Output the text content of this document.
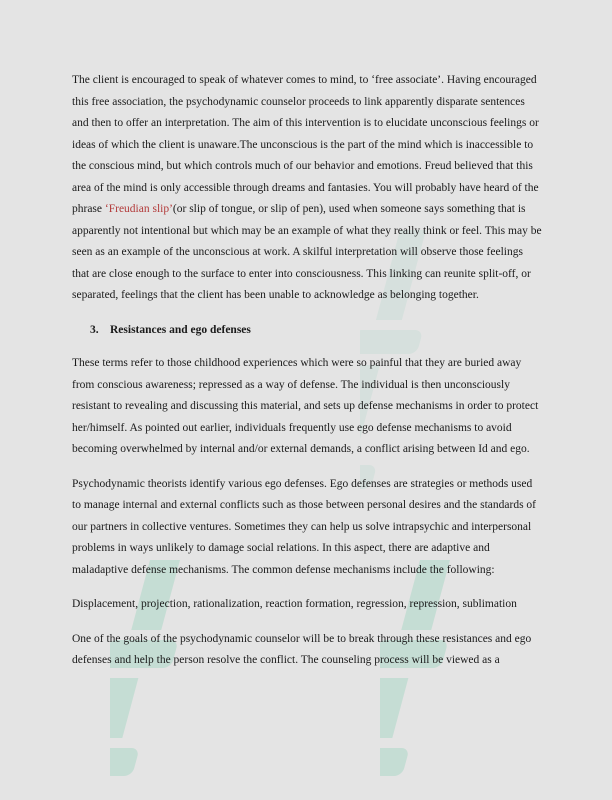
The client is encouraged to speak of whatever comes to mind, to ‘free associate’. Having encouraged this free association, the psychodynamic counselor proceeds to link apparently disparate sentences and then to offer an interpretation. The aim of this intervention is to elucidate unconscious feelings or ideas of which the client is unaware.The unconscious is the part of the mind which is inaccessible to the conscious mind, but which controls much of our behavior and emotions. Freud believed that this area of the mind is only accessible through dreams and fantasies. You will probably have heard of the phrase ‘Freudian slip’(or slip of tongue, or slip of pen), used when someone says something that is apparently not intentional but which may be an example of what they really think or feel. This may be seen as an example of the unconscious at work. A skilful interpretation will observe those feelings that are close enough to the surface to enter into consciousness. This linking can reunite split-off, or separated, feelings that the client has been unable to acknowledge as belonging together.

3. Resistances and ego defenses

These terms refer to those childhood experiences which were so painful that they are buried away from conscious awareness; repressed as a way of defense. The individual is then unconsciously resistant to revealing and discussing this material, and sets up defense mechanisms in order to protect her/himself. As pointed out earlier, individuals frequently use ego defense mechanisms to avoid becoming overwhelmed by internal and/or external demands, a conflict arising between Id and ego.

Psychodynamic theorists identify various ego defenses. Ego defenses are strategies or methods used to manage internal and external conflicts such as those between personal desires and the standards of our partners in collective ventures. Sometimes they can help us solve intrapsychic and interpersonal problems in ways unlikely to damage social relations. In this aspect, there are adaptive and maladaptive defense mechanisms. The common defense mechanisms include the following:

Displacement, projection, rationalization, reaction formation, regression, repression, sublimation

One of the goals of the psychodynamic counselor will be to break through these resistances and ego defenses and help the person resolve the conflict. The counseling process will be viewed as a
